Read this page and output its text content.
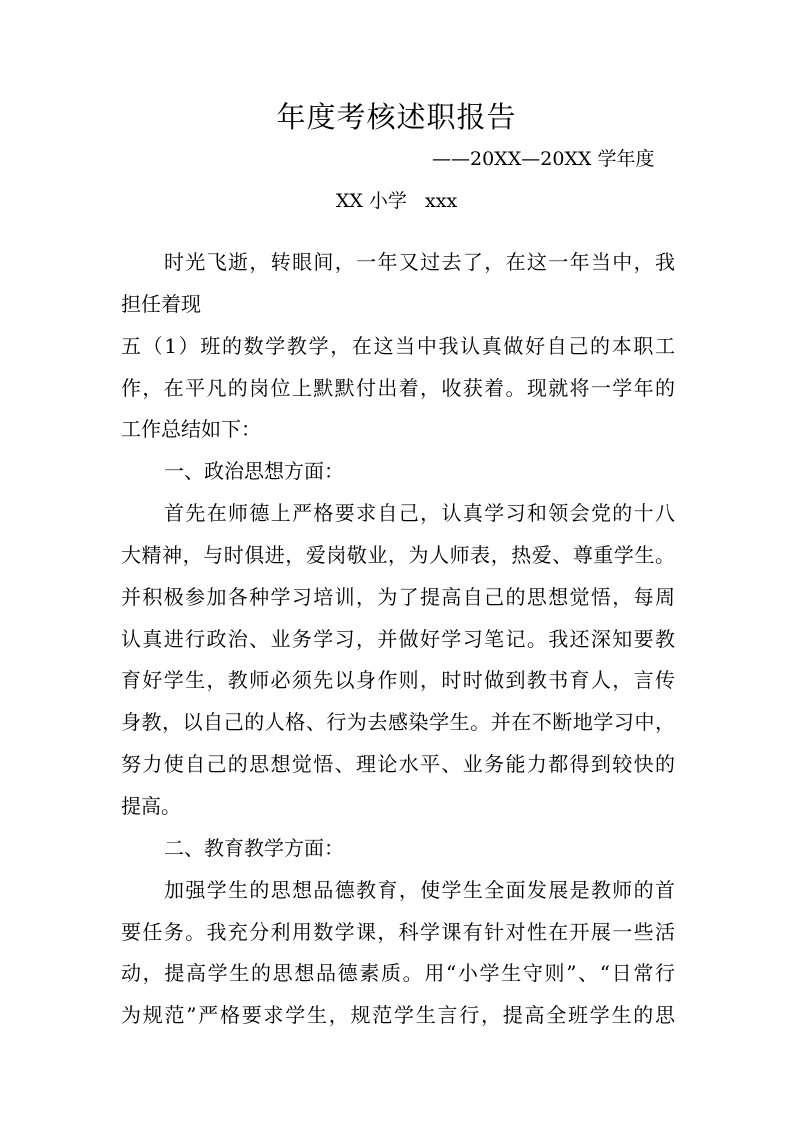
年度考核述职报告
——20XX—20XX 学年度
XX 小学   xxx
时光飞逝，转眼间，一年又过去了，在这一年当中，我
担任着现
五（1）班的数学教学，在这当中我认真做好自己的本职工
作，在平凡的岗位上默默付出着，收获着。现就将一学年的
工作总结如下：
一、政治思想方面：
首先在师德上严格要求自己，认真学习和领会党的十八
大精神，与时俱进，爱岗敬业，为人师表，热爱、尊重学生。
并积极参加各种学习培训，为了提高自己的思想觉悟，每周
认真进行政治、业务学习，并做好学习笔记。我还深知要教
育好学生，教师必须先以身作则，时时做到教书育人，言传
身教，以自己的人格、行为去感染学生。并在不断地学习中，
努力使自己的思想觉悟、理论水平、业务能力都得到较快的
提高。
二、教育教学方面：
加强学生的思想品德教育，使学生全面发展是教师的首
要任务。我充分利用数学课，科学课有针对性在开展一些活
动，提高学生的思想品德素质。用“小学生守则”、“日常行
为规范”严格要求学生，规范学生言行，提高全班学生的思
